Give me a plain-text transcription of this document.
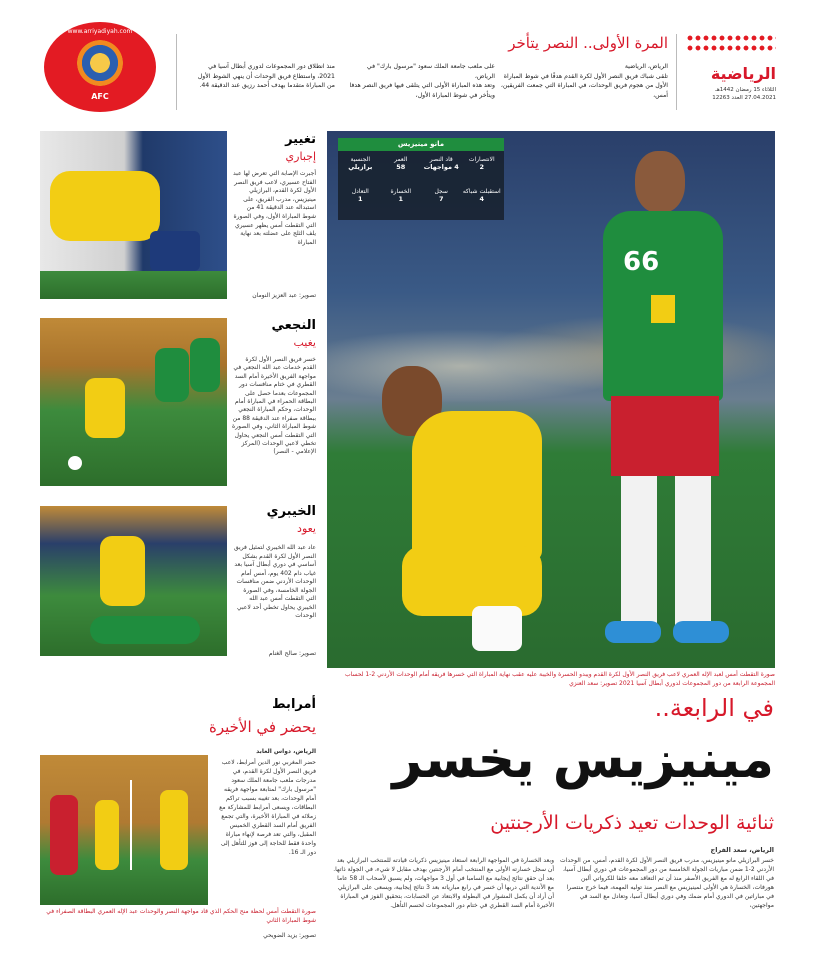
www.arriyadiyah.com
AFC
منذ انطلاق دور المجموعات لدوري أبطال آسيا في 2021، واستطاع فريق الوحدات أن ينهي الشوط الأول من المباراة متقدما بهدف أحمد رزيق عند الدقيقة 44.
على ملعب جامعة الملك سعود "مرسول بارك" في الرياض،
وتعد هذه المباراة الأولى التي يتلقى فيها فريق النصر هدفا ويتأخر في شوط المباراة الأول،
الرياض، الرياضية
تلقى شباك فريق النصر الأول لكرة القدم هدفًا في شوط المباراة الأول من هجوم فريق الوحدات، في المباراة التي جمعت الفريقين، أمس،
المرة الأولى.. النصر يتأخر
الرياضية
الثلاثاء 15 رمضان 1442هـ 27.04.2021 العدد 12263
66
مانو مينيزيس
الجنسية
برازيلي
العمر
58
قاد النصر
4 مواجهات
الانتصارات
2
التعادل
1
الخسارة
1
سجل
7
استقبلت شباكه
4
صورة التقطت أمس لعبد الإله العمري لاعب فريق النصر الأول لكرة القدم ويبدو الحسرة والخيبة عليه عقب نهاية المباراة التي خسرها فريقه أمام الوحدات الأردني 2-1 لحساب المجموعة الرابعة من دور المجموعات لدوري أبطال آسيا 2021 تصوير: سعد العنزي
تغيير
إجباري
أجبرت الإصابة التي تعرض لها عبد الفتاح عسيري، لاعب فريق النصر الأول لكرة القدم، البرازيلي مينيزيس، مدرب الفريق، على استبداله عند الدقيقة 41 من شوط المباراة الأول، وفي الصورة التي التقطت أمس يظهر عسيري يلف الثلج على عضلته بعد نهاية المباراة
تصوير: عبد العزيز النومان
النجعي
يغيب
خسر فريق النصر الأول لكرة القدم خدمات عبد الله النجعي في مواجهة الفريق الأخيرة أمام السد القطري في ختام منافسات دور المجموعات بعدما حصل على البطاقة الحمراء في المباراة أمام الوحدات، وحكم المباراة النجعي ببطاقة صفراء عند الدقيقة 88 من شوط المباراة الثاني، وفي الصورة التي التقطت أمس النجعي يحاول تخطي لاعبي الوحدات (المركز الإعلامي - النصر)
الخيبري
يعود
عاد عبد الله الخيبري لتمثيل فريق النصر الأول لكرة القدم بشكل أساسي في دوري أبطال آسيا بعد غياب دام 402 يوم، أمس أمام الوحدات الأردني ضمن منافسات الجولة الخامسة، وفي الصورة التي التقطت أمس عبد الله الخيبري يحاول تخطي أحد لاعبي الوحدات
تصوير: صالح الغنام
في الرابعة..
مينيزيس يخسر
ثنائية الوحدات تعيد ذكريات الأرجنتين
الرياض، سعد الفراج
خسر البرازيلي مانو مينيزيس، مدرب فريق النصر الأول لكرة القدم، أمس، من الوحدات الأردني 2-1 ضمن مباريات الجولة الخامسة من دور المجموعات في دوري أبطال آسيا، في اللقاء الرابع له مع الفريق الأصفر منذ أن تم التعاقد معه خلفا للكرواتي ألين هورفات، الخسارة هي الأولى لمينيزيس مع النصر منذ توليه المهمة، فيما خرج منتصرا في مباراتين في الدوري أمام ضمك وفي دوري أبطال آسيا، وتعادل مع السد في مواجهتين،
وبعد الخسارة في المواجهة الرابعة استعاد مينيزيس ذكريات قيادته للمنتخب البرازيلي بعد أن سجل خسارته الأولى مع المنتخب أمام الأرجنتين بهدف مقابل لا شيء، في الجولة ذاتها. بعد أن حقق نتائج إيجابية مع السامبا في أول 3 مواجهات، ولم يسبق لأصحاب الـ 58 عاما مع الأندية التي دربها أن خسر في رابع مبارياته بعد 3 نتائج إيجابية، ويسعى على البرازيلي أن أراد أن يكمل المشوار في البطولة والابتعاد عن الحسابات، بتحقيق الفوز في المباراة الأخيرة أمام السد القطري في ختام دور المجموعات لحسم التأهل.
أمرابط
يحضر في الأخيرة
الرياض، دواس العابد
حضر المغربي نور الدين أمرابط، لاعب فريق النصر الأول لكرة القدم، في مدرجات ملعب جامعة الملك سعود "مرسول بارك" لمتابعة مواجهة فريقه أمام الوحدات، بعد تغيبه بسبب تراكم البطاقات، ويسعى أمرابط للمشاركة مع زملائه في المباراة الأخيرة، والتي تجمع الفريق أمام السد القطري الخميس المقبل، والتي تعد فرصة لإنهاء مباراة واحدة فقط للحاجة إلى فوز للتأهل إلى دور الـ 16.
صورة التقطت أمس لحظة منح الحكم الذي قاد مواجهة النصر والوحدات عبد الإله العمري البطاقة الصفراء في شوط المباراة الثاني
تصوير: يزيد الضويحي
